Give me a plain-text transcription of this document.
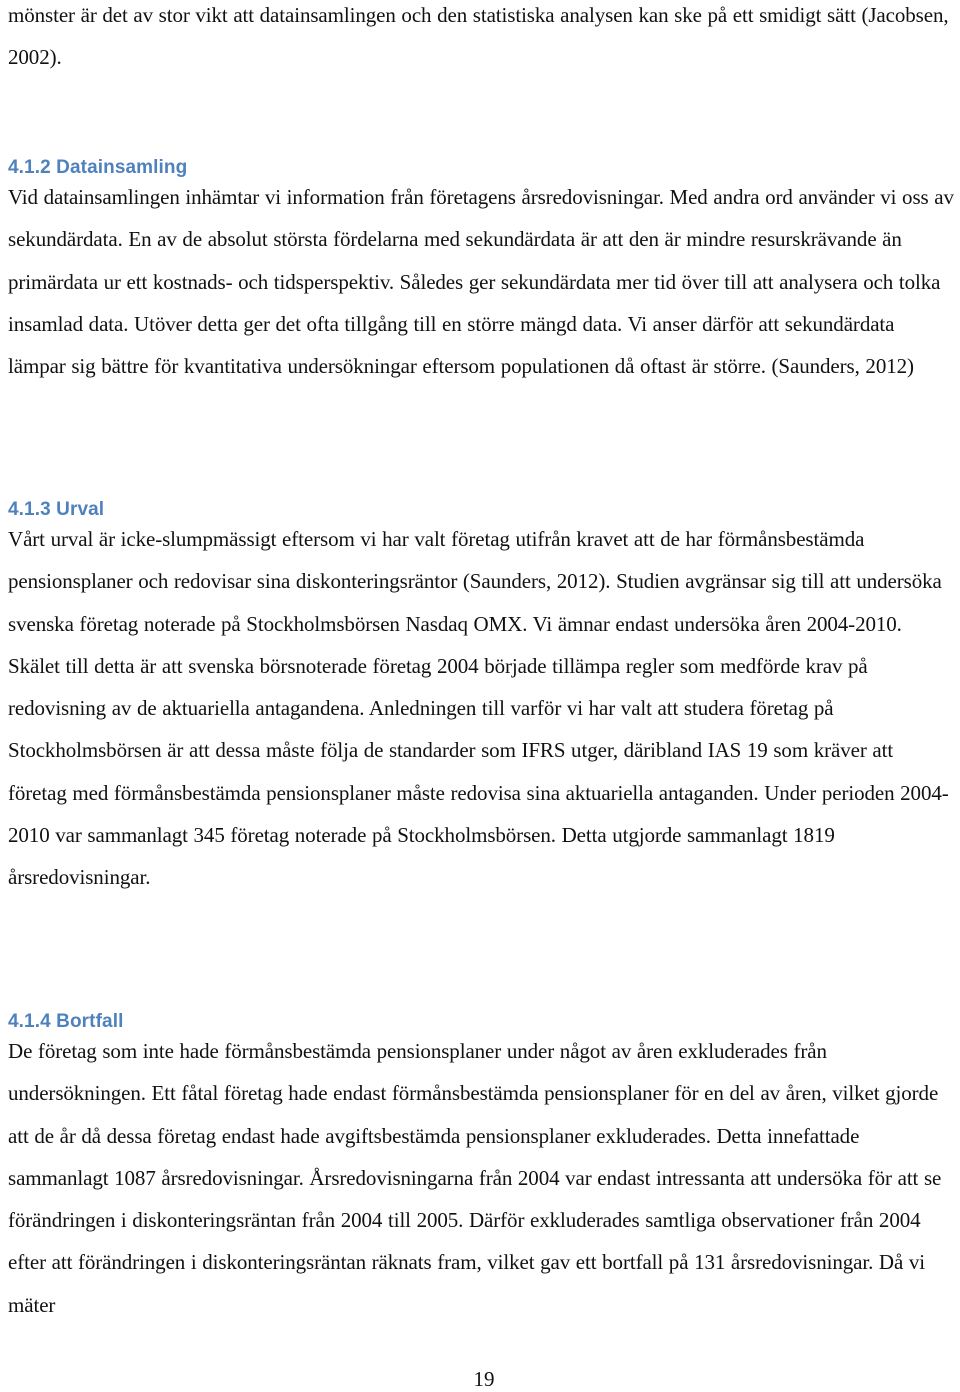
mönster är det av stor vikt att datainsamlingen och den statistiska analysen kan ske på ett smidigt sätt (Jacobsen, 2002).

4.1.2 Datainsamling

Vid datainsamlingen inhämtar vi information från företagens årsredovisningar. Med andra ord använder vi oss av sekundärdata. En av de absolut största fördelarna med sekundärdata är att den är mindre resurskrävande än primärdata ur ett kostnads- och tidsperspektiv. Således ger sekundärdata mer tid över till att analysera och tolka insamlad data. Utöver detta ger det ofta tillgång till en större mängd data. Vi anser därför att sekundärdata lämpar sig bättre för kvantitativa undersökningar eftersom populationen då oftast är större. (Saunders, 2012)

4.1.3 Urval

Vårt urval är icke-slumpmässigt eftersom vi har valt företag utifrån kravet att de har förmånsbestämda pensionsplaner och redovisar sina diskonteringsräntor (Saunders, 2012). Studien avgränsar sig till att undersöka svenska företag noterade på Stockholmsbörsen Nasdaq OMX. Vi ämnar endast undersöka åren 2004-2010. Skälet till detta är att svenska börsnoterade företag 2004 började tillämpa regler som medförde krav på redovisning av de aktuariella antagandena. Anledningen till varför vi har valt att studera företag på Stockholmsbörsen är att dessa måste följa de standarder som IFRS utger, däribland IAS 19 som kräver att företag med förmånsbestämda pensionsplaner måste redovisa sina aktuariella antaganden. Under perioden 2004-2010 var sammanlagt 345 företag noterade på Stockholmsbörsen. Detta utgjorde sammanlagt 1819 årsredovisningar.

4.1.4 Bortfall

De företag som inte hade förmånsbestämda pensionsplaner under något av åren exkluderades från undersökningen. Ett fåtal företag hade endast förmånsbestämda pensionsplaner för en del av åren, vilket gjorde att de år då dessa företag endast hade avgiftsbestämda pensionsplaner exkluderades. Detta innefattade sammanlagt 1087 årsredovisningar. Årsredovisningarna från 2004 var endast intressanta att undersöka för att se förändringen i diskonteringsräntan från 2004 till 2005. Därför exkluderades samtliga observationer från 2004 efter att förändringen i diskonteringsräntan räknats fram, vilket gav ett bortfall på 131 årsredovisningar. Då vi mäter

19
